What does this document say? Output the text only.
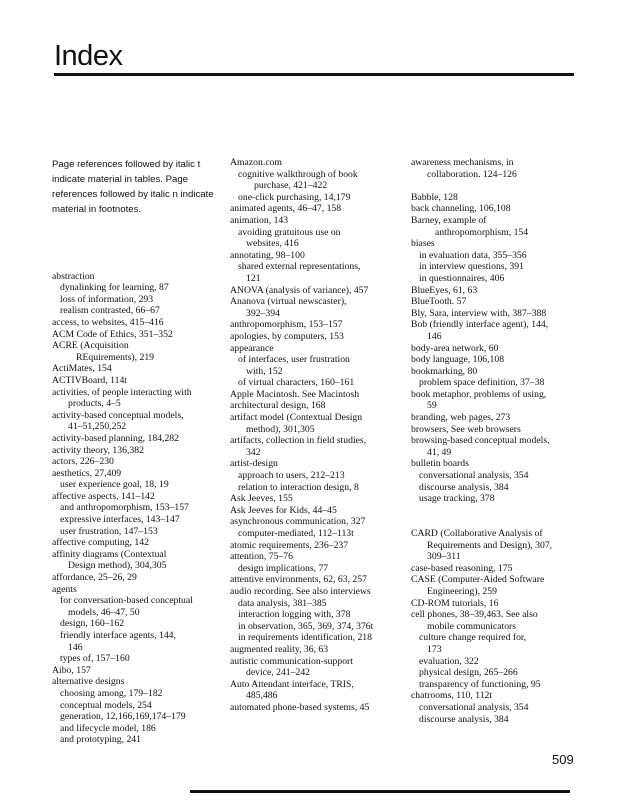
Index
Page references followed by italic t indicate material in tables. Page references followed by italic n indicate material in footnotes.
abstraction
dynalinking for learning, 87
loss of information, 293
realism contrasted, 66–67
access, to websites, 415–416
ACM Code of Ethics, 351–352
ACRE (Acquisition
REquirements), 219
ActiMates, 154
ACTIVBoard, 114t
activities, of people interacting with
products, 4–5
activity-based conceptual models,
41–51,250,252
activity-based planning, 184,282
activity theory, 136,382
actors, 226–230
aesthetics, 27,409
user experience goal, 18, 19
affective aspects, 141–142
and anthropomorphism, 153–157
expressive interfaces, 143–147
user frustration, 147–153
affective computing, 142
affinity diagrams (Contextual
Design method), 304,305
affordance, 25–26, 29
agents
for conversation-based conceptual
models, 46–47, 50
design, 160–162
friendly interface agents, 144,
146
types of, 157–160
Aibo, 157
alternative designs
choosing among, 179–182
conceptual models, 254
generation, 12,166,169,174–179
and lifecycle model, 186
and prototyping, 241
Amazon.com
cognitive walkthrough of book
purchase, 421–422
one-click purchasing, 14,179
animated agents, 46–47, 158
animation, 143
avoiding gratuitous use on
websites, 416
annotating, 98–100
shared external representations,
121
ANOVA (analysis of variance), 457
Ananova (virtual newscaster),
392–394
anthropomorphism, 153–157
apologies, by computers, 153
appearance
of interfaces, user frustration
with, 152
of virtual characters, 160–161
Apple Macintosh. See Macintosh
architectural design, 168
artifact model (Contextual Design
method), 301,305
artifacts, collection in field studies,
342
artist-design
approach to users, 212–213
relation to interaction design, 8
Ask Jeeves, 155
Ask Jeeves for Kids, 44–45
asynchronous communication, 327
computer-mediated, 112–113t
atomic requirements, 236–237
attention, 75–76
design implications, 77
attentive environments, 62, 63, 257
audio recording. See also interviews
data analysis, 381–385
interaction logging with, 378
in observation, 365, 369, 374, 376t
in requirements identification, 218
augmented reality, 36, 63
autistic communication-support
device, 241–242
Auto Attendant interface, TRIS,
485,486
automated phone-based systems, 45
awareness mechanisms, in
collaboration. 124–126
Babble, 128
back channeling, 106,108
Barney, example of
anthropomorphism, 154
biases
in evaluation data, 355–356
in interview questions, 391
in questionnaires, 406
BlueEyes, 61, 63
BlueTooth. 57
Bly, Sara, interview with, 387–388
Bob (friendly interface agent), 144,
146
body-area network, 60
body language, 106,108
bookmarking, 80
problem space definition, 37–38
book metaphor, problems of using,
59
branding, web pages, 273
browsers, See web browsers
browsing-based conceptual models,
41, 49
bulletin boards
conversational analysis, 354
discourse analysis, 384
usage tracking, 378
CARD (Collaborative Analysis of
Requirements and Design), 307,
309–311
case-based reasoning, 175
CASE (Computer-Aided Software
Engineering), 259
CD-ROM tutorials, 16
cell phones, 38–39,463. See also
mobile communicators
culture change required for,
173
evaluation, 322
physical design, 265–266
transparency of functioning, 95
chatrooms, 110, 112t
conversational analysis, 354
discourse analysis, 384
509
